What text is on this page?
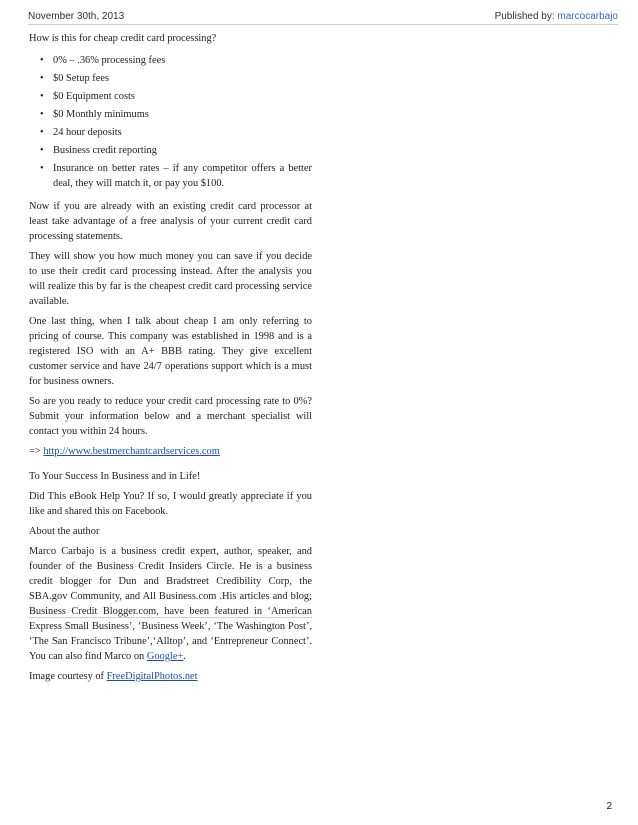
November 30th, 2013	Published by: marcocarbajo

How is this for cheap credit card processing?

• 0% – .36% processing fees
• $0 Setup fees
• $0 Equipment costs
• $0 Monthly minimums
• 24 hour deposits
• Business credit reporting
• Insurance on better rates – if any competitor offers a better deal, they will match it, or pay you $100.

Now if you are already with an existing credit card processor at least take advantage of a free analysis of your current credit card processing statements.

They will show you how much money you can save if you decide to use their credit card processing instead. After the analysis you will realize this by far is the cheapest credit card processing service available.

One last thing, when I talk about cheap I am only referring to pricing of course. This company was established in 1998 and is a registered ISO with an A+ BBB rating. They give excellent customer service and have 24/7 operations support which is a must for business owners.

So are you ready to reduce your credit card processing rate to 0%? Submit your information below and a merchant specialist will contact you within 24 hours.

=> http://www.bestmerchantcardservices.com

To Your Success In Business and in Life!

Did This eBook Help You? If so, I would greatly appreciate if you like and shared this on Facebook.

About the author

Marco Carbajo is a business credit expert, author, speaker, and founder of the Business Credit Insiders Circle. He is a business credit blogger for Dun and Bradstreet Credibility Corp, the SBA.gov Community, and All Business.com .His articles and blog; Business Credit Blogger.com, have been featured in ‘American Express Small Business’, ‘Business Week’, ‘The Washington Post’, ‘The San Francisco Tribune’,‘Alltop’, and ‘Entrepreneur Connect’. You can also find Marco on Google+.

Image courtesy of FreeDigitalPhotos.net

2
